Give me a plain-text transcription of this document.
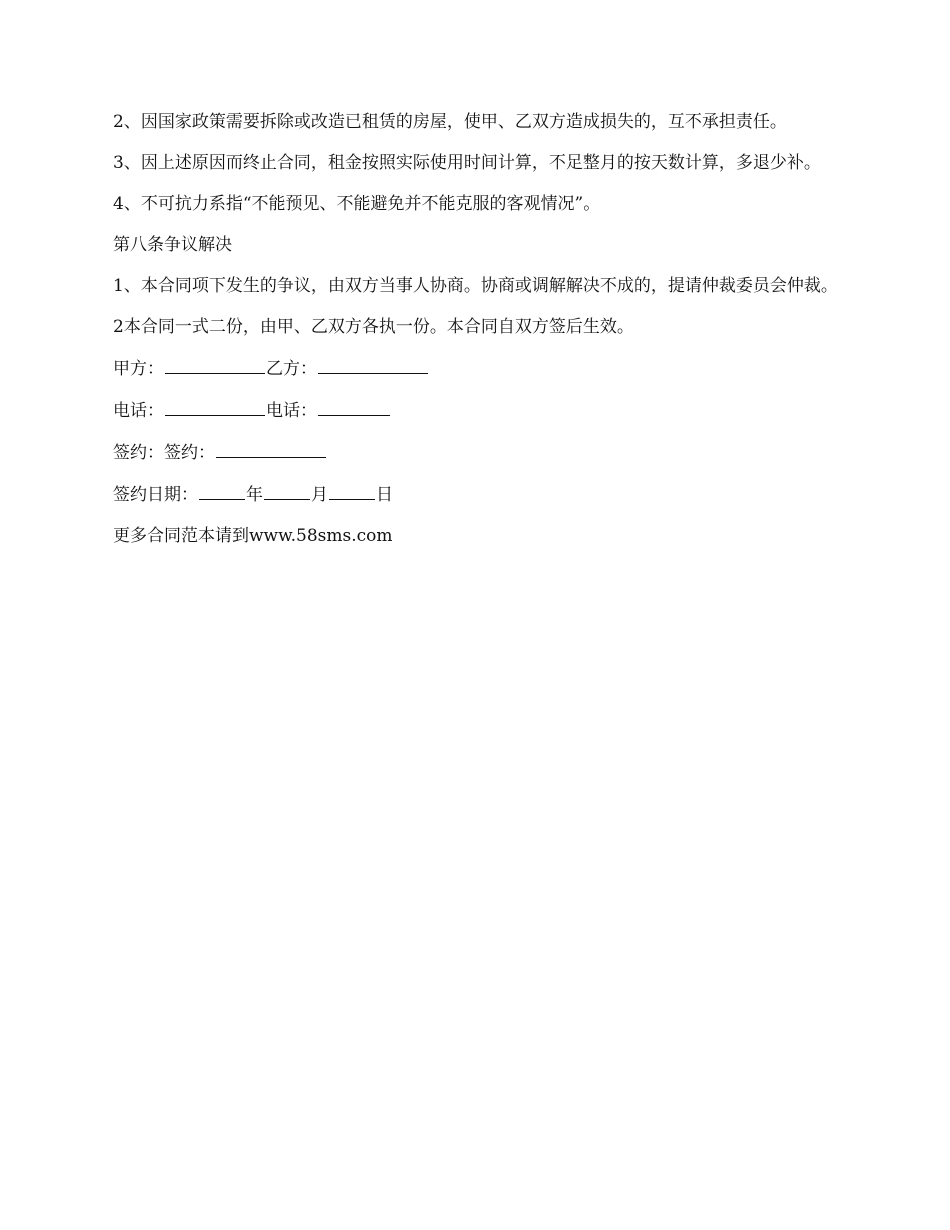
2、因国家政策需要拆除或改造已租赁的房屋，使甲、乙双方造成损失的，互不承担责任。

3、因上述原因而终止合同，租金按照实际使用时间计算，不足整月的按天数计算，多退少补。

4、不可抗力系指“不能预见、不能避免并不能克服的客观情况”。

第八条争议解决

1、本合同项下发生的争议，由双方当事人协商。协商或调解解决不成的，提请仲裁委员会仲裁。

2本合同一式二份，由甲、乙双方各执一份。本合同自双方签后生效。

甲方：	乙方：

电话：	电话：

签约：签约：

签约日期：	年	月	日

更多合同范本请到www.58sms.com
